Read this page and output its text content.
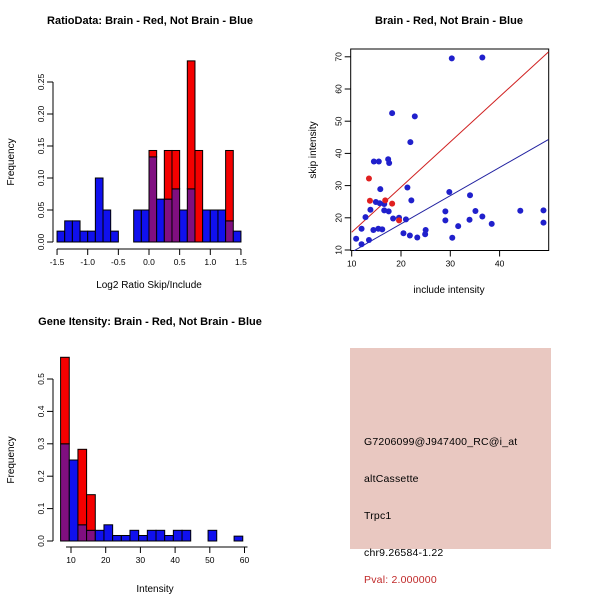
RatioData: Brain - Red, Not Brain - Blue
Log2 Ratio Skip/Include
Frequency
0.00
0.05
0.10
0.15
0.20
0.25
-1.5 -1.0 -0.5 0.0 0.5 1.0 1.5
Brain - Red, Not Brain - Blue
include intensity
skip intensity
10	20	30	40
10
20
30
40
50
60
70
Gene Itensity: Brain - Red, Not Brain - Blue
Intensity
Frequency
0.0
0.1
0.2
0.3
0.4
0.5
10	20	30	40	50	60
G7206099@J947400_RC@i_at
altCassette
Trpc1
chr9.26584-1.22
Pval: 2.000000
